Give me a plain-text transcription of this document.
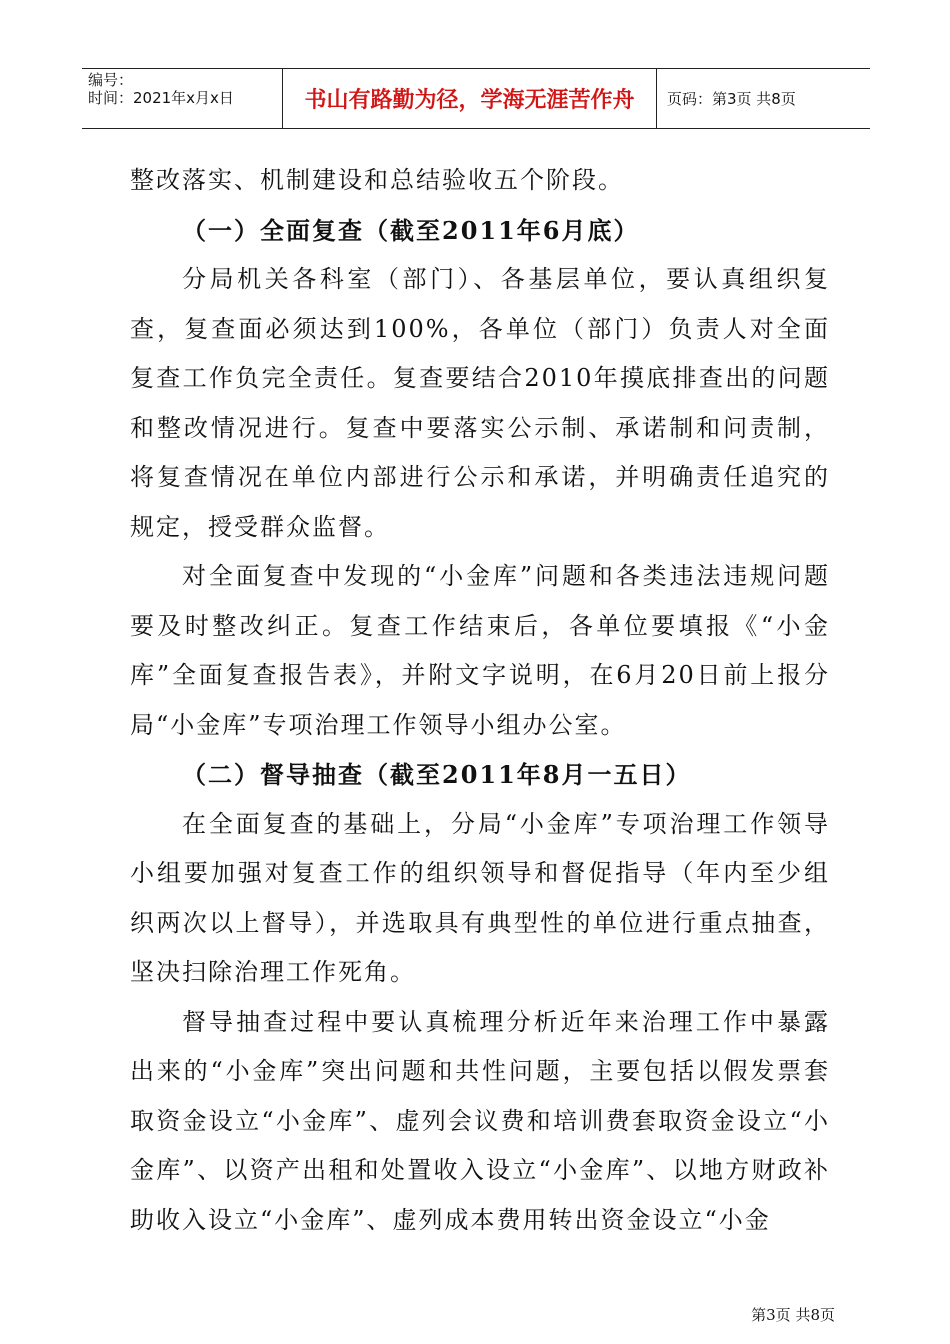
编号：
时间：2021年x月x日	书山有路勤为径，学海无涯苦作舟	页码：第3页 共8页

整改落实、机制建设和总结验收五个阶段。

（一）全面复查（截至2011年6月底）

分局机关各科室（部门）、各基层单位，要认真组织复查，复查面必须达到100%，各单位（部门）负责人对全面复查工作负完全责任。复查要结合2010年摸底排查出的问题和整改情况进行。复查中要落实公示制、承诺制和问责制，将复查情况在单位内部进行公示和承诺，并明确责任追究的规定，授受群众监督。

对全面复查中发现的“小金库”问题和各类违法违规问题要及时整改纠正。复查工作结束后，各单位要填报《“小金库”全面复查报告表》，并附文字说明，在6月20日前上报分局“小金库”专项治理工作领导小组办公室。

（二）督导抽查（截至2011年8月一五日）

在全面复查的基础上，分局“小金库”专项治理工作领导小组要加强对复查工作的组织领导和督促指导（年内至少组织两次以上督导），并选取具有典型性的单位进行重点抽查，坚决扫除治理工作死角。

督导抽查过程中要认真梳理分析近年来治理工作中暴露出来的“小金库”突出问题和共性问题，主要包括以假发票套取资金设立“小金库”、虚列会议费和培训费套取资金设立“小金库”、以资产出租和处置收入设立“小金库”、以地方财政补助收入设立“小金库”、虚列成本费用转出资金设立“小金

第3页 共8页
